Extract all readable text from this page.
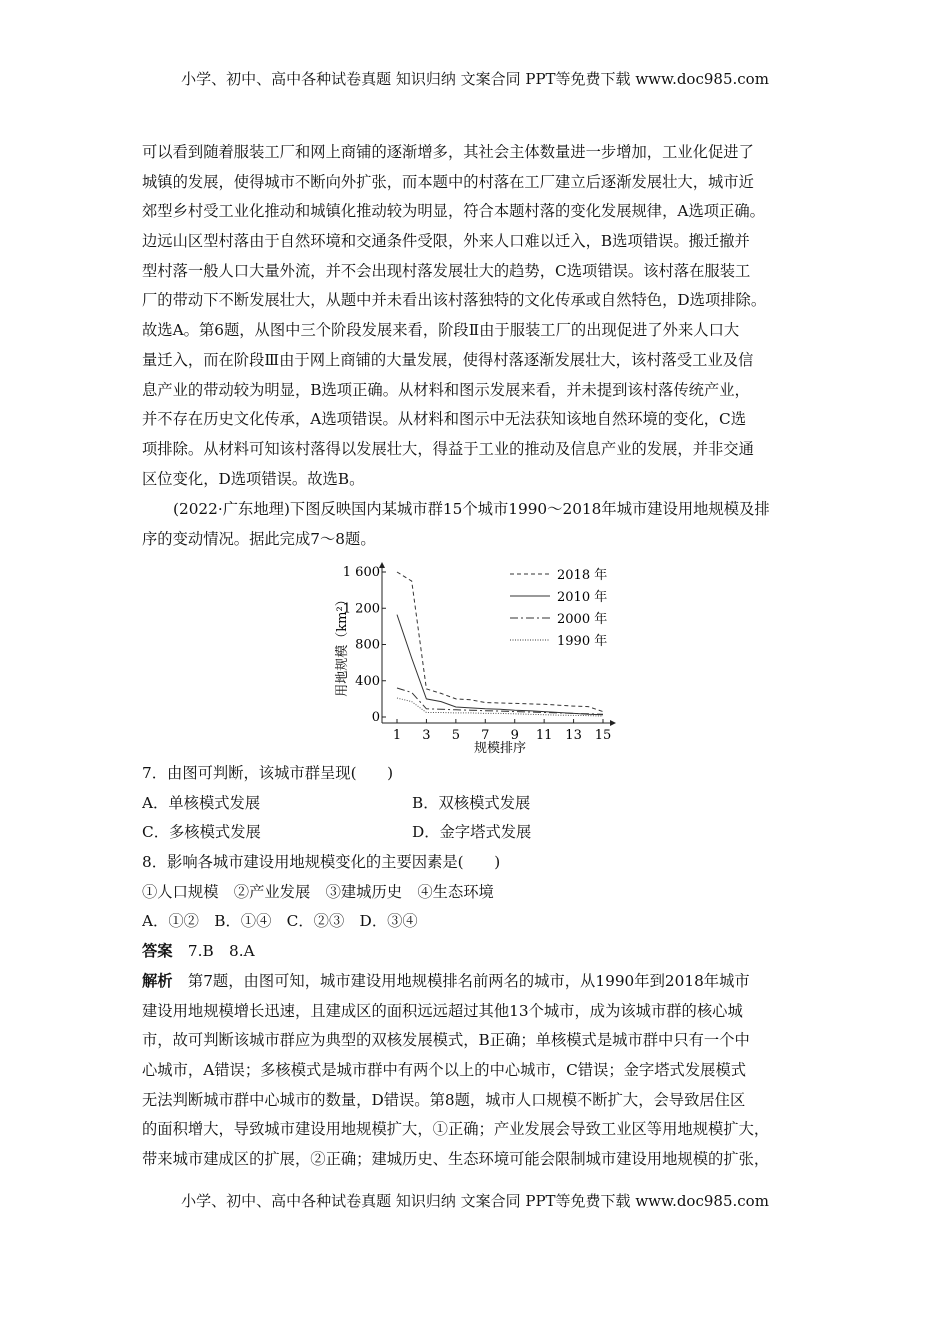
小学、初中、高中各种试卷真题 知识归纳 文案合同 PPT等免费下载 www.doc985.com
可以看到随着服装工厂和网上商铺的逐渐增多，其社会主体数量进一步增加，工业化促进了
城镇的发展，使得城市不断向外扩张，而本题中的村落在工厂建立后逐渐发展壮大，城市近
郊型乡村受工业化推动和城镇化推动较为明显，符合本题村落的变化发展规律，A选项正确。
边远山区型村落由于自然环境和交通条件受限，外来人口难以迁入，B选项错误。搬迁撤并
型村落一般人口大量外流，并不会出现村落发展壮大的趋势，C选项错误。该村落在服装工
厂的带动下不断发展壮大，从题中并未看出该村落独特的文化传承或自然特色，D选项排除。
故选A。第6题，从图中三个阶段发展来看，阶段Ⅱ由于服装工厂的出现促进了外来人口大
量迁入，而在阶段Ⅲ由于网上商铺的大量发展，使得村落逐渐发展壮大，该村落受工业及信
息产业的带动较为明显，B选项正确。从材料和图示发展来看，并未提到该村落传统产业，
并不存在历史文化传承，A选项错误。从材料和图示中无法获知该地自然环境的变化，C选
项排除。从材料可知该村落得以发展壮大，得益于工业的推动及信息产业的发展，并非交通
区位变化，D选项错误。故选B。
(2022·广东地理)下图反映国内某城市群15个城市1990～2018年城市建设用地规模及排
序的变动情况。据此完成7～8题。
0
400
800
1 200
1 600
1 3 5 7 9 11 13 15
规模排序
用地规模（km²）
2018 年
2010 年
2000 年
1990 年
7．由图可判断，该城市群呈现(　　)
A．单核模式发展	B．双核模式发展
C．多核模式发展	D．金字塔式发展
8．影响各城市建设用地规模变化的主要因素是(　　)
①人口规模　②产业发展　③建城历史　④生态环境
A．①②　B．①④　C．②③　D．③④
答案　7.B　8.A
解析　第7题，由图可知，城市建设用地规模排名前两名的城市，从1990年到2018年城市
建设用地规模增长迅速，且建成区的面积远远超过其他13个城市，成为该城市群的核心城
市，故可判断该城市群应为典型的双核发展模式，B正确；单核模式是城市群中只有一个中
心城市，A错误；多核模式是城市群中有两个以上的中心城市，C错误；金字塔式发展模式
无法判断城市群中心城市的数量，D错误。第8题，城市人口规模不断扩大，会导致居住区
的面积增大，导致城市建设用地规模扩大，①正确；产业发展会导致工业区等用地规模扩大，
带来城市建成区的扩展，②正确；建城历史、生态环境可能会限制城市建设用地规模的扩张，
小学、初中、高中各种试卷真题 知识归纳 文案合同 PPT等免费下载 www.doc985.com
